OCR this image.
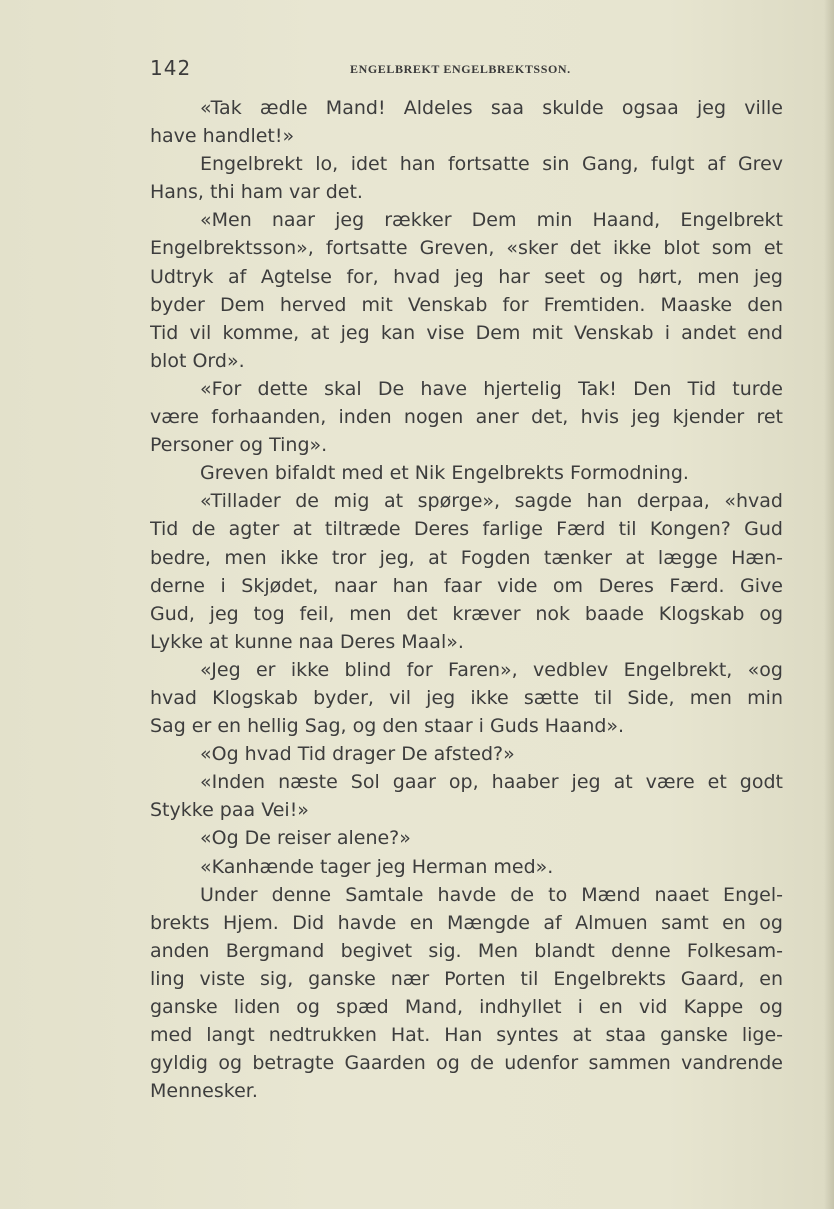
142	ENGELBREKT ENGELBREKTSSON.
«Tak ædle Mand! Aldeles saa skulde ogsaa jeg ville
have handlet!»
Engelbrekt lo, idet han fortsatte sin Gang, fulgt af Grev
Hans, thi ham var det.
«Men naar jeg rækker Dem min Haand, Engelbrekt
Engelbrektsson», fortsatte Greven, «sker det ikke blot som et
Udtryk af Agtelse for, hvad jeg har seet og hørt, men jeg
byder Dem herved mit Venskab for Fremtiden. Maaske den
Tid vil komme, at jeg kan vise Dem mit Venskab i andet end
blot Ord».
«For dette skal De have hjertelig Tak! Den Tid turde
være forhaanden, inden nogen aner det, hvis jeg kjender ret
Personer og Ting».
Greven bifaldt med et Nik Engelbrekts Formodning.
«Tillader de mig at spørge», sagde han derpaa, «hvad
Tid de agter at tiltræde Deres farlige Færd til Kongen? Gud
bedre, men ikke tror jeg, at Fogden tænker at lægge Hæn-
derne i Skjødet, naar han faar vide om Deres Færd. Give
Gud, jeg tog feil, men det kræver nok baade Klogskab og
Lykke at kunne naa Deres Maal».
«Jeg er ikke blind for Faren», vedblev Engelbrekt, «og
hvad Klogskab byder, vil jeg ikke sætte til Side, men min
Sag er en hellig Sag, og den staar i Guds Haand».
«Og hvad Tid drager De afsted?»
«Inden næste Sol gaar op, haaber jeg at være et godt
Stykke paa Vei!»
«Og De reiser alene?»
«Kanhænde tager jeg Herman med».
Under denne Samtale havde de to Mænd naaet Engel-
brekts Hjem. Did havde en Mængde af Almuen samt en og
anden Bergmand begivet sig. Men blandt denne Folkesam-
ling viste sig, ganske nær Porten til Engelbrekts Gaard, en
ganske liden og spæd Mand, indhyllet i en vid Kappe og
med langt nedtrukken Hat. Han syntes at staa ganske lige-
gyldig og betragte Gaarden og de udenfor sammen vandrende
Mennesker.
